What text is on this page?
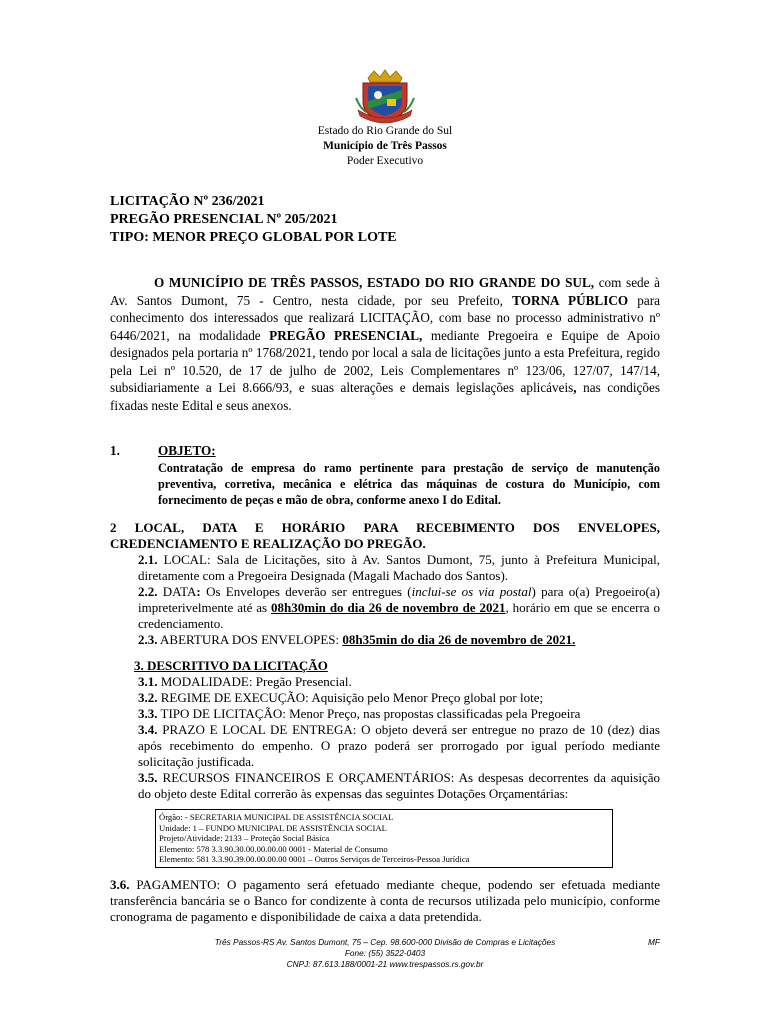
Estado do Rio Grande do Sul
Município de Três Passos
Poder Executivo
LICITAÇÃO Nº 236/2021
PREGÃO PRESENCIAL Nº 205/2021
TIPO: MENOR PREÇO GLOBAL POR LOTE

O MUNICÍPIO DE TRÊS PASSOS, ESTADO DO RIO GRANDE DO SUL, com sede à Av. Santos Dumont, 75 - Centro, nesta cidade, por seu Prefeito, TORNA PÚBLICO para conhecimento dos interessados que realizará LICITAÇÃO, com base no processo administrativo nº 6446/2021, na modalidade PREGÃO PRESENCIAL, mediante Pregoeira e Equipe de Apoio designados pela portaria nº 1768/2021, tendo por local a sala de licitações junto a esta Prefeitura, regido pela Lei nº 10.520, de 17 de julho de 2002, Leis Complementares nº 123/06, 127/07, 147/14, subsidiariamente a Lei 8.666/93, e suas alterações e demais legislações aplicáveis, nas condições fixadas neste Edital e seus anexos.

1.	OBJETO:
Contratação de empresa do ramo pertinente para prestação de serviço de manutenção preventiva, corretiva, mecânica e elétrica das máquinas de costura do Município, com fornecimento de peças e mão de obra, conforme anexo I do Edital.

2 LOCAL, DATA E HORÁRIO PARA RECEBIMENTO DOS ENVELOPES, CREDENCIAMENTO E REALIZAÇÃO DO PREGÃO.

2.1. LOCAL: Sala de Licitações, sito à Av. Santos Dumont, 75, junto à Prefeitura Municipal, diretamente com a Pregoeira Designada (Magali Machado dos Santos).

2.2. DATA: Os Envelopes deverão ser entregues (inclui-se os via postal) para o(a) Pregoeiro(a) impreterivelmente até as 08h30min do dia 26 de novembro de 2021, horário em que se encerra o credenciamento.

2.3. ABERTURA DOS ENVELOPES: 08h35min do dia 26 de novembro de 2021.

3. DESCRITIVO DA LICITAÇÃO

3.1. MODALIDADE: Pregão Presencial.

3.2. REGIME DE EXECUÇÃO: Aquisição pelo Menor Preço global por lote;

3.3. TIPO DE LICITAÇÃO: Menor Preço, nas propostas classificadas pela Pregoeira

3.4. PRAZO E LOCAL DE ENTREGA: O objeto deverá ser entregue no prazo de 10 (dez) dias após recebimento do empenho. O prazo poderá ser prorrogado por igual período mediante solicitação justificada.

3.5. RECURSOS FINANCEIROS E ORÇAMENTÁRIOS: As despesas decorrentes da aquisição do objeto deste Edital correrão às expensas das seguintes Dotações Orçamentárias:

Órgão: - SECRETARIA MUNICIPAL DE ASSISTÊNCIA SOCIAL
Unidade: 1 – FUNDO MUNICIPAL DE ASSISTÊNCIA SOCIAL
Projeto/Atividade: 2133 – Proteção Social Básica
Elemento: 578 3.3.90.30.00.00.00.00 0001 - Material de Consumo
Elemento: 581 3.3.90.39.00.00.00.00 0001 – Outros Serviços de Terceiros-Pessoa Jurídica
3.6. PAGAMENTO: O pagamento será efetuado mediante cheque, podendo ser efetuada mediante transferência bancária se o Banco for condizente à conta de recursos utilizada pelo município, conforme cronograma de pagamento e disponibilidade de caixa a data pretendida.
Três Passos-RS Av. Santos Dumont, 75 – Cep. 98.600-000 Divisão de Compras e Licitações
Fone: (55) 3522-0403
CNPJ: 87.613.188/0001-21 www.trespassos.rs.gov.br
MF
